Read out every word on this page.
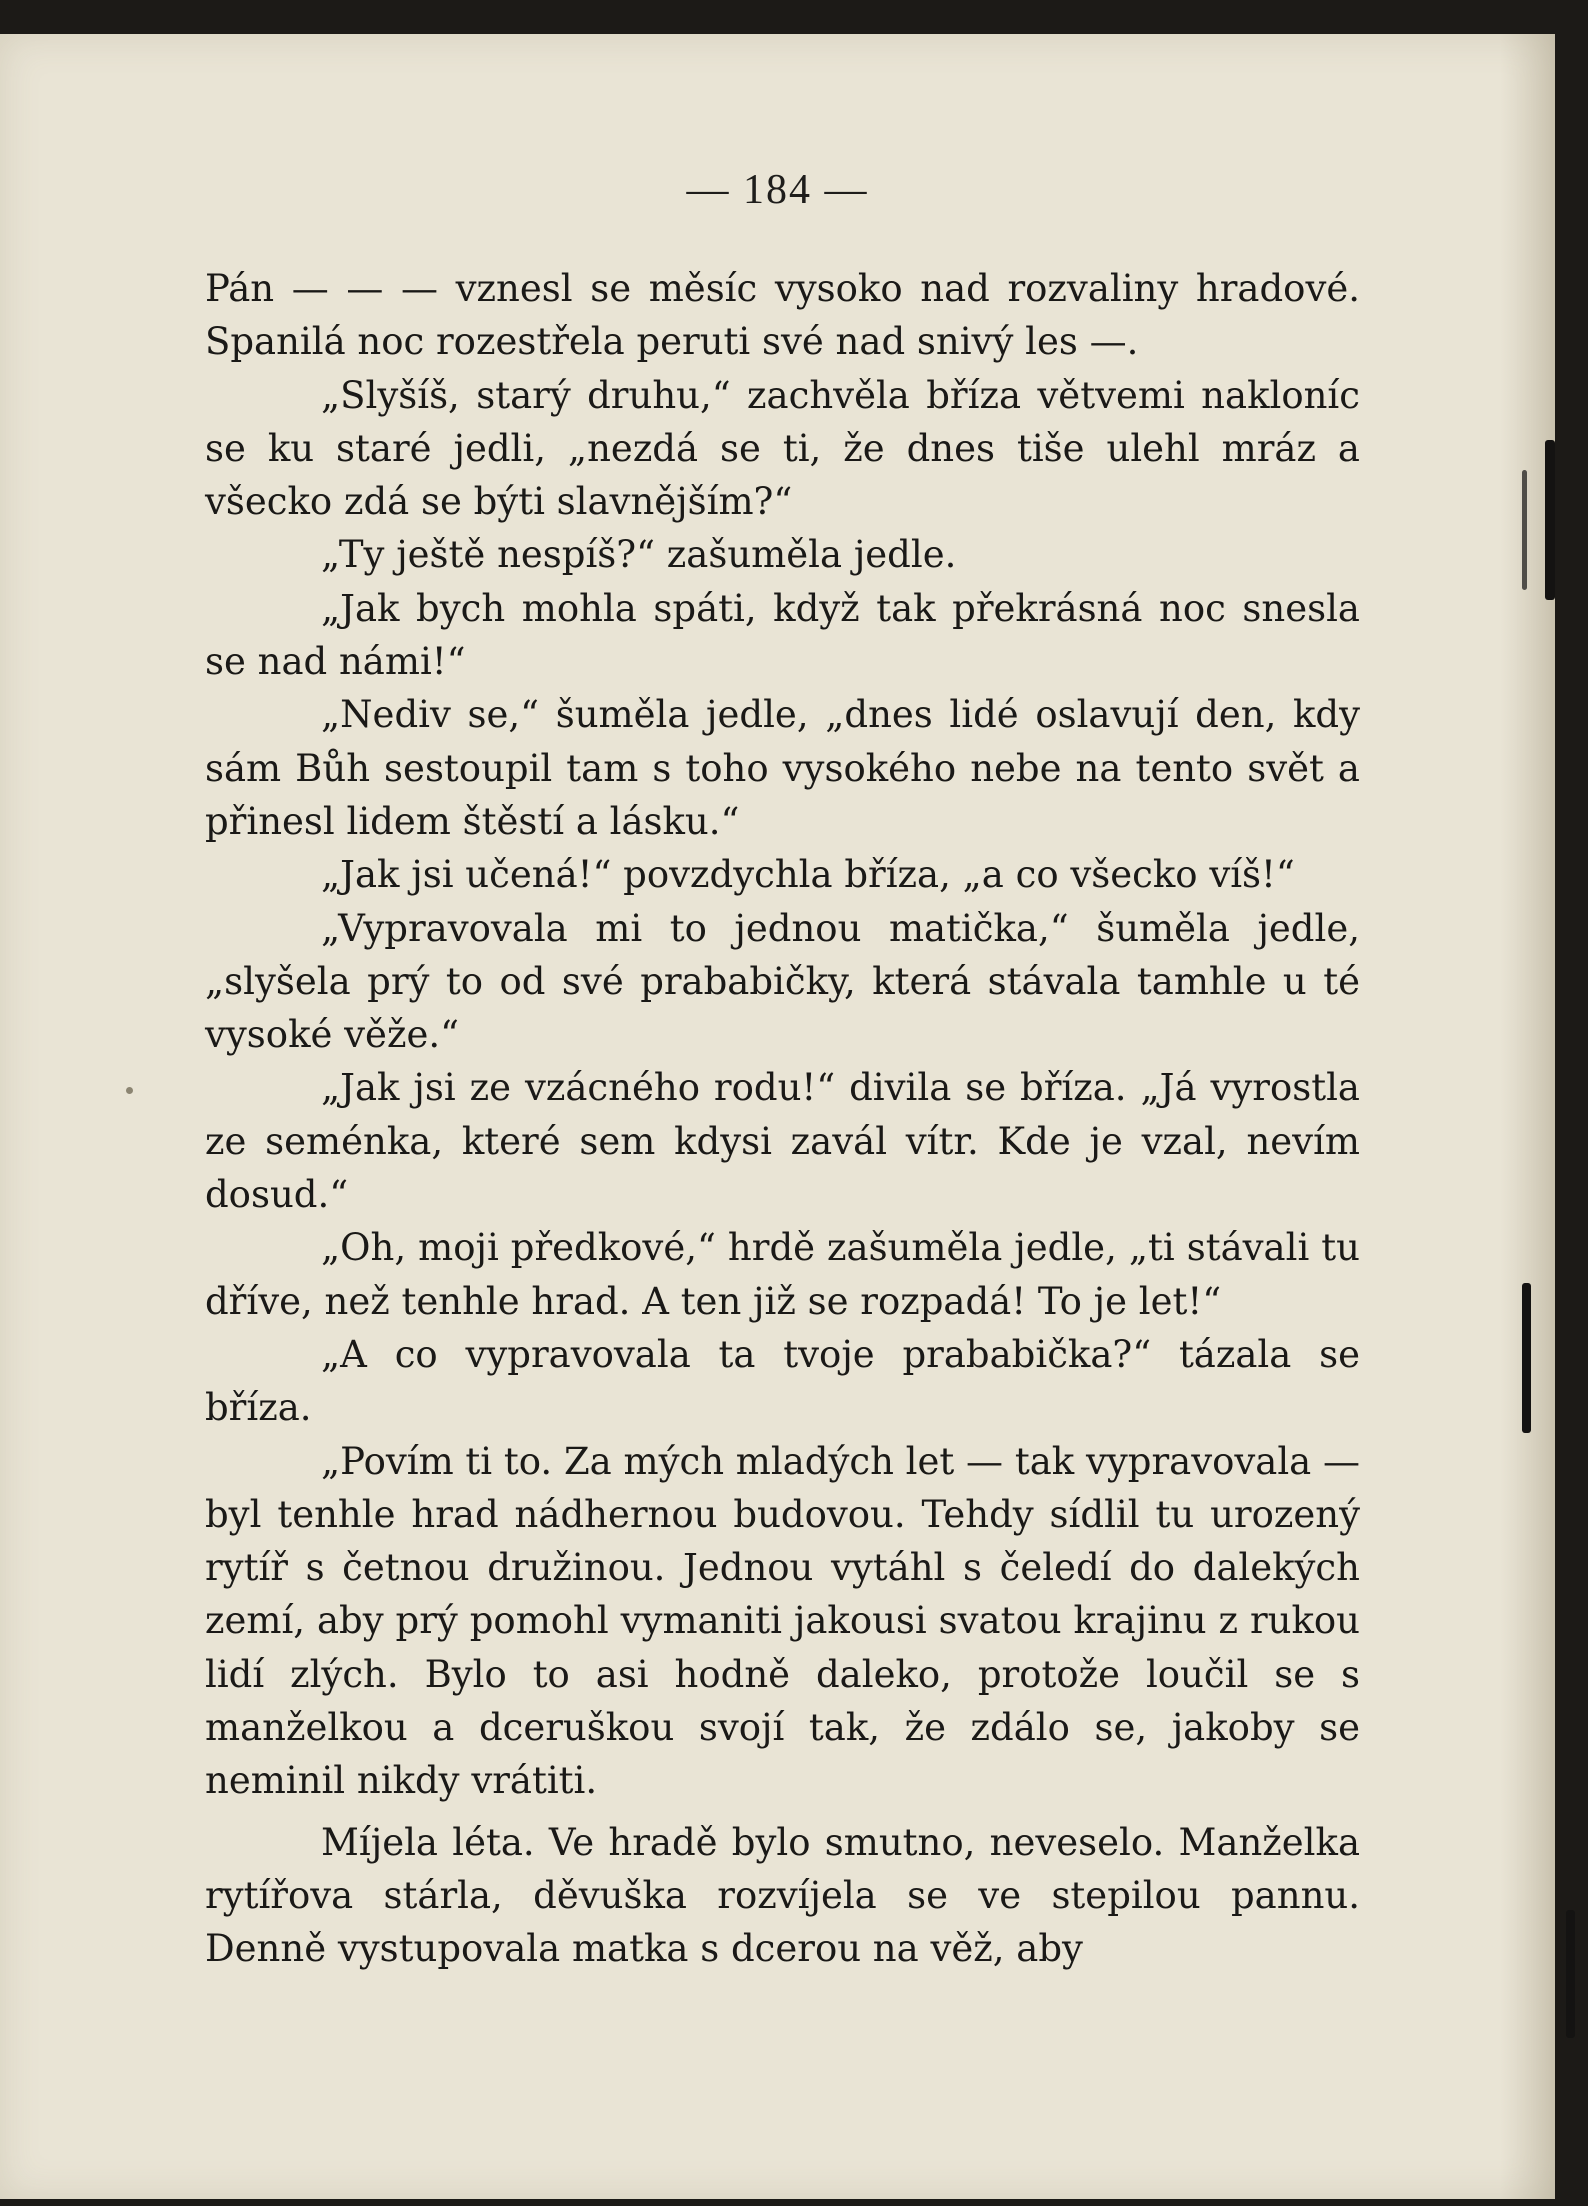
— 184 —

Pán — — — vznesl se měsíc vysoko nad rozvaliny hradové. Spanilá noc rozestřela peruti své nad snivý les —.

„Slyšíš, starý druhu,“ zachvěla bříza větvemi nakloníc se ku staré jedli, „nezdá se ti, že dnes tiše ulehl mráz a všecko zdá se býti slavnějším?“

„Ty ještě nespíš?“ zašuměla jedle.

„Jak bych mohla spáti, když tak překrásná noc snesla se nad námi!“

„Nediv se,“ šuměla jedle, „dnes lidé oslavují den, kdy sám Bůh sestoupil tam s toho vysokého nebe na tento svět a přinesl lidem štěstí a lásku.“

„Jak jsi učená!“ povzdychla bříza, „a co všecko víš!“

„Vypravovala mi to jednou matička,“ šuměla jedle, „slyšela prý to od své prababičky, která stávala tamhle u té vysoké věže.“

„Jak jsi ze vzácného rodu!“ divila se bříza. „Já vyrostla ze seménka, které sem kdysi zavál vítr. Kde je vzal, nevím dosud.“

„Oh, moji předkové,“ hrdě zašuměla jedle, „ti stávali tu dříve, než tenhle hrad. A ten již se rozpadá! To je let!“

„A co vypravovala ta tvoje prababička?“ tázala se bříza.

„Povím ti to. Za mých mladých let — tak vypravovala — byl tenhle hrad nádhernou budovou. Tehdy sídlil tu urozený rytíř s četnou družinou. Jednou vytáhl s čeledí do dalekých zemí, aby prý pomohl vymaniti jakousi svatou krajinu z rukou lidí zlých. Bylo to asi hodně daleko, protože loučil se s manželkou a dceruškou svojí tak, že zdálo se, jakoby se neminil nikdy vrátiti.

Míjela léta. Ve hradě bylo smutno, neveselo. Manželka rytířova stárla, děvuška rozvíjela se ve stepilou pannu. Denně vystupovala matka s dcerou na věž, aby
